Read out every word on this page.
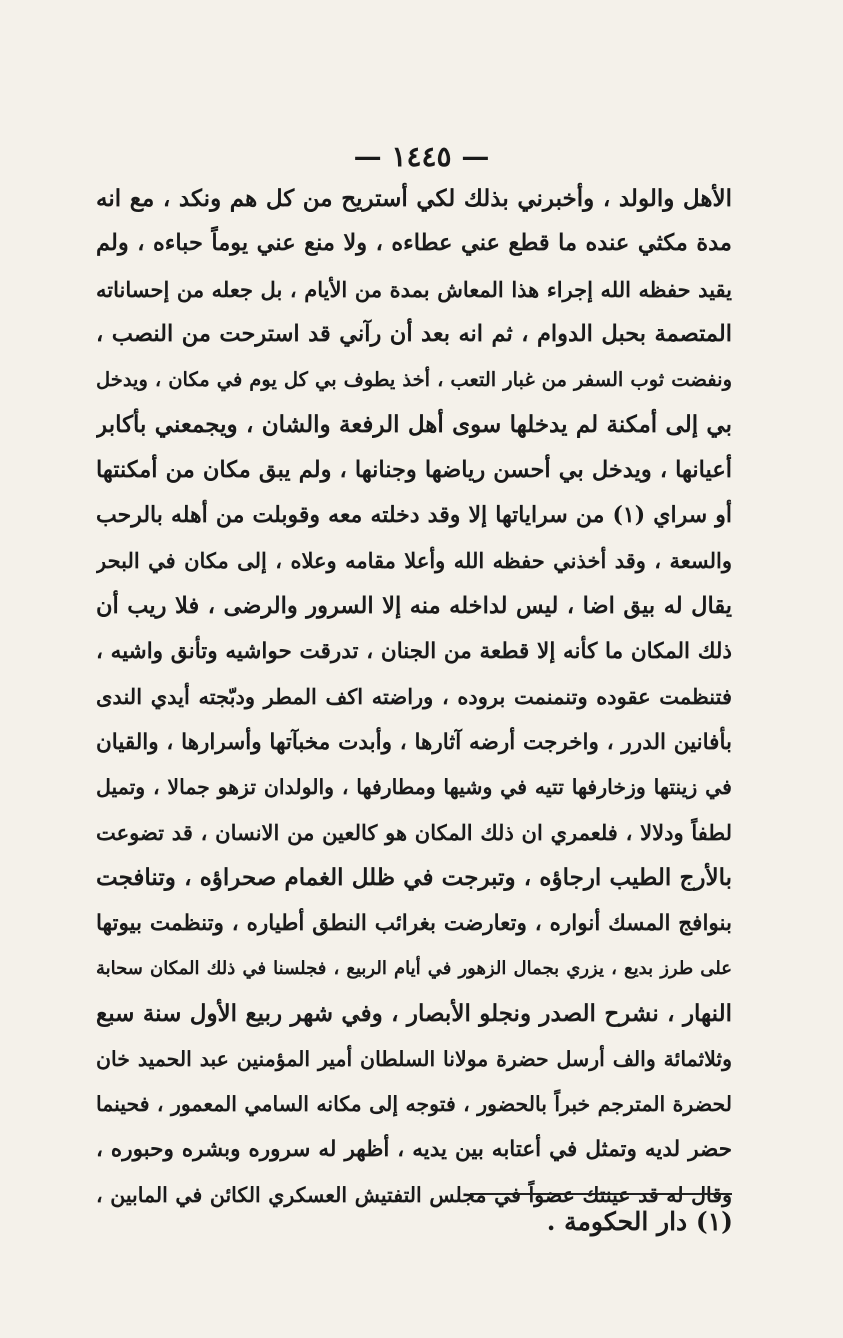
— ١٤٤٥ —
الأهل والولد ، وأخبرني بذلك لكي أستريح من كل هم ونكد ، مع انه
مدة مكثي عنده ما قطع عني عطاءه ، ولا منع عني يوماً حباءه ، ولم
يقيد حفظه الله إجراء هذا المعاش بمدة من الأيام ، بل جعله من إحساناته
المتصمة بحبل الدوام ، ثم انه بعد أن رآني قد استرحت من النصب ،
ونفضت ثوب السفر من غبار التعب ، أخذ يطوف بي كل يوم في مكان ، ويدخل
بي إلى أمكنة لم يدخلها سوى أهل الرفعة والشان ، ويجمعني بأكابر
أعيانها ، ويدخل بي أحسن رياضها وجنانها ، ولم يبق مكان من أمكنتها
أو سراي (١) من سراياتها إلا وقد دخلته معه وقوبلت من أهله بالرحب
والسعة ، وقد أخذني حفظه الله وأعلا مقامه وعلاه ، إلى مكان في البحر
يقال له بيق اضا ، ليس لداخله منه إلا السرور والرضى ، فلا ريب أن
ذلك المكان ما كأنه إلا قطعة من الجنان ، تدرقت حواشيه وتأنق واشيه ،
فتنظمت عقوده وتنمنمت بروده ، وراضته اكف المطر ودبّجته أيدي الندى
بأفانين الدرر ، واخرجت أرضه آثارها ، وأبدت مخبآتها وأسرارها ، والقيان
في زينتها وزخارفها تتيه في وشيها ومطارفها ، والولدان تزهو جمالا ، وتميل
لطفاً ودلالا ، فلعمري ان ذلك المكان هو كالعين من الانسان ، قد تضوعت
بالأرج الطيب ارجاؤه ، وتبرجت في ظلل الغمام صحراؤه ، وتنافجت
بنوافج المسك أنواره ، وتعارضت بغرائب النطق أطياره ، وتنظمت بيوتها
على طرز بديع ، يزري بجمال الزهور في أيام الربيع ، فجلسنا في ذلك المكان سحابة
النهار ، نشرح الصدر ونجلو الأبصار ، وفي شهر ربيع الأول سنة سبع
وثلاثمائة والف أرسل حضرة مولانا السلطان أمير المؤمنين عبد الحميد خان
لحضرة المترجم خبراً بالحضور ، فتوجه إلى مكانه السامي المعمور ، فحينما
حضر لديه وتمثل في أعتابه بين يديه ، أظهر له سروره وبشره وحبوره ،
وقال له قد عينتك عضواً في مجلس التفتيش العسكري الكائن في المابين ،
(١) دار الحكومة .
